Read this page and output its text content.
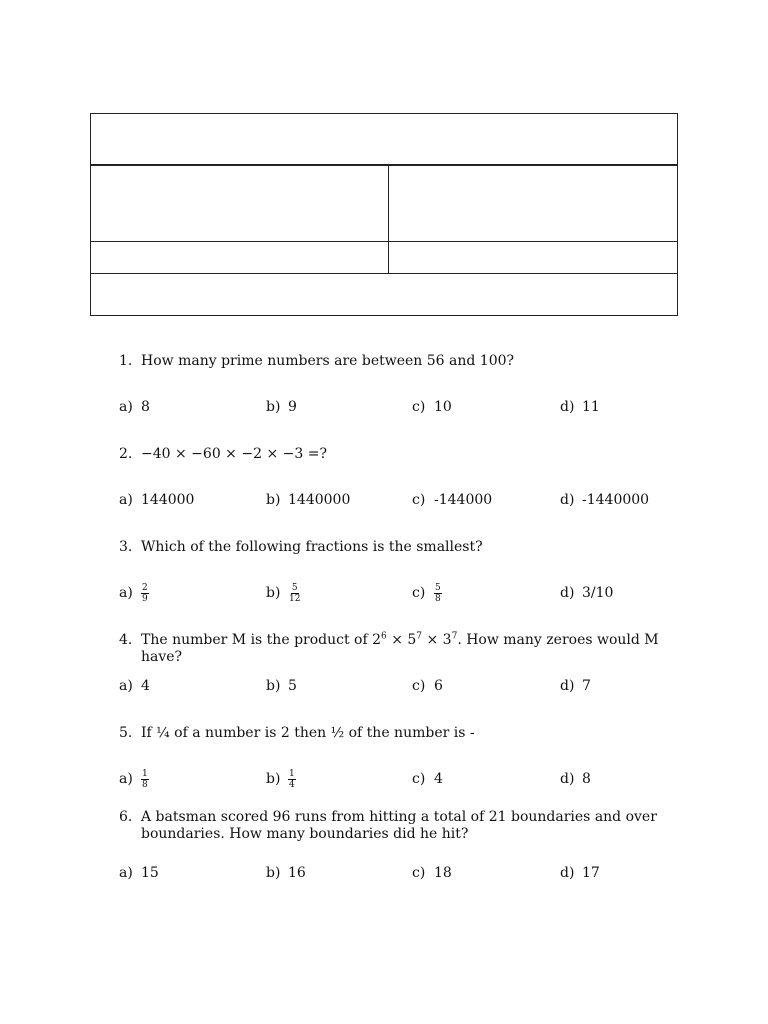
1. How many prime numbers are between 56 and 100?
a) 8	b) 9	c) 10	d) 11
2. −40 × −60 × −2 × −3 =?
a) 144000	b) 1440000	c) -144000	d) -1440000
3. Which of the following fractions is the smallest?
$a) \frac{2}{9}$	$b) \frac{5}{12}$	$c) \frac{5}{8}$	d) 3/10
4. The number M is the product of $2^6 \times 5^7 \times 3^7$. How many zeroes would M have?
a) 4	b) 5	c) 6	d) 7
5. If ¼ of a number is 2 then ½ of the number is -
$a) \frac{1}{8}$	$b) \frac{1}{4}$	c) 4	d) 8
6. A batsman scored 96 runs from hitting a total of 21 boundaries and over
boundaries. How many boundaries did he hit?
a) 15	b) 16	c) 18	d) 17
